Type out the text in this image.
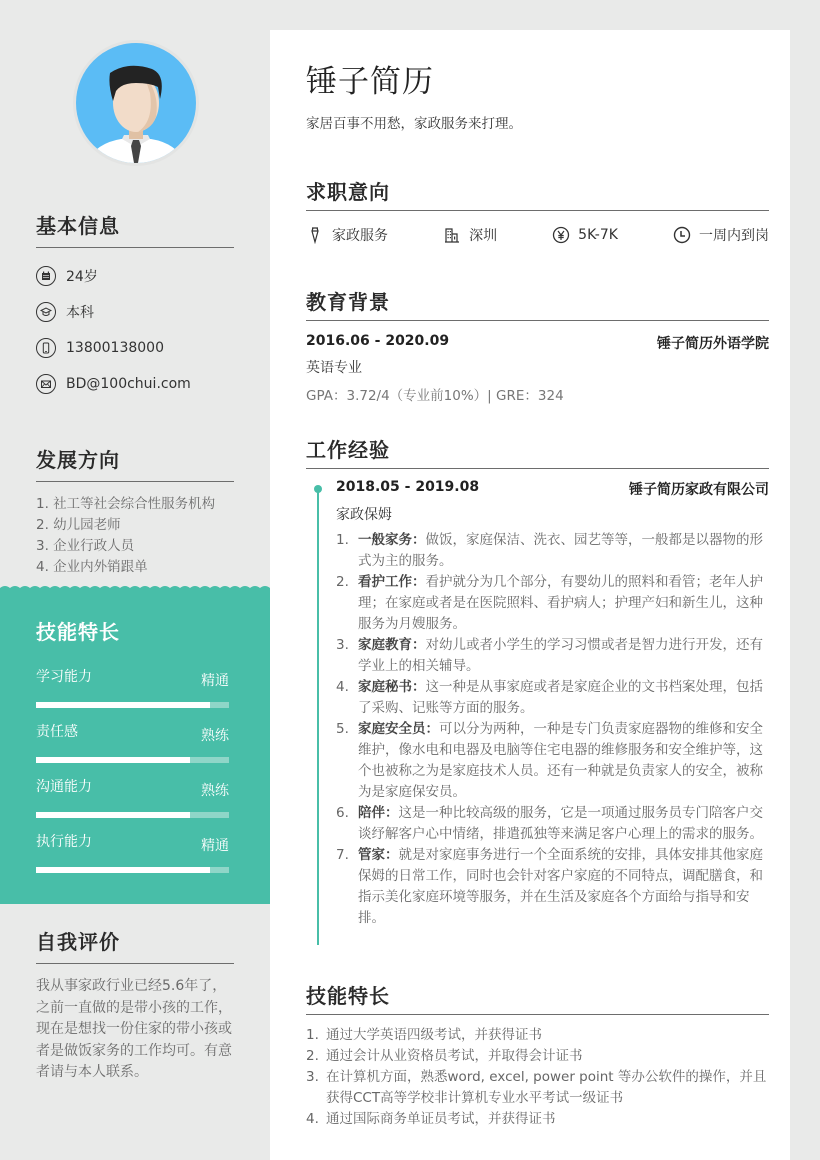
基本信息
24岁
本科
13800138000
BD@100chui.com
发展方向
1. 社工等社会综合性服务机构
2. 幼儿园老师
3. 企业行政人员
4. 企业内外销跟单
技能特长
学习能力	精通
责任感	熟练
沟通能力	熟练
执行能力	精通
自我评价

我从事家政行业已经5.6年了，之前一直做的是带小孩的工作，现在是想找一份住家的带小孩或者是做饭家务的工作均可。有意者请与本人联系。

锤子简历
家居百事不用愁，家政服务来打理。
求职意向
家政服务	深圳	5K-7K	一周内到岗
教育背景
2016.06 - 2020.09	锤子简历外语学院
英语专业
GPA：3.72/4（专业前10%）| GRE：324
工作经验
2018.05 - 2019.08	锤子简历家政有限公司
家政保姆
1. 一般家务：做饭，家庭保洁、洗衣、园艺等等，一般都是以器物的形式为主的服务。
2. 看护工作：看护就分为几个部分，有婴幼儿的照料和看管；老年人护理；在家庭或者是在医院照料、看护病人；护理产妇和新生儿，这种服务为月嫂服务。
3. 家庭教育：对幼儿或者小学生的学习习惯或者是智力进行开发，还有学业上的相关辅导。
4. 家庭秘书：这一种是从事家庭或者是家庭企业的文书档案处理，包括了采购、记账等方面的服务。
5. 家庭安全员：可以分为两种，一种是专门负责家庭器物的维修和安全维护，像水电和电器及电脑等住宅电器的维修服务和安全维护等，这个也被称之为是家庭技术人员。还有一种就是负责家人的安全，被称为是家庭保安员。
6. 陪伴：这是一种比较高级的服务，它是一项通过服务员专门陪客户交谈纾解客户心中情绪，排遣孤独等来满足客户心理上的需求的服务。
7. 管家：就是对家庭事务进行一个全面系统的安排，具体安排其他家庭保姆的日常工作，同时也会针对客户家庭的不同特点，调配膳食，和指示美化家庭环境等服务，并在生活及家庭各个方面给与指导和安排。
技能特长
1. 通过大学英语四级考试，并获得证书
2. 通过会计从业资格员考试，并取得会计证书
3. 在计算机方面，熟悉word, excel, power point 等办公软件的操作，并且获得CCT高等学校非计算机专业水平考试一级证书
4. 通过国际商务单证员考试，并获得证书
